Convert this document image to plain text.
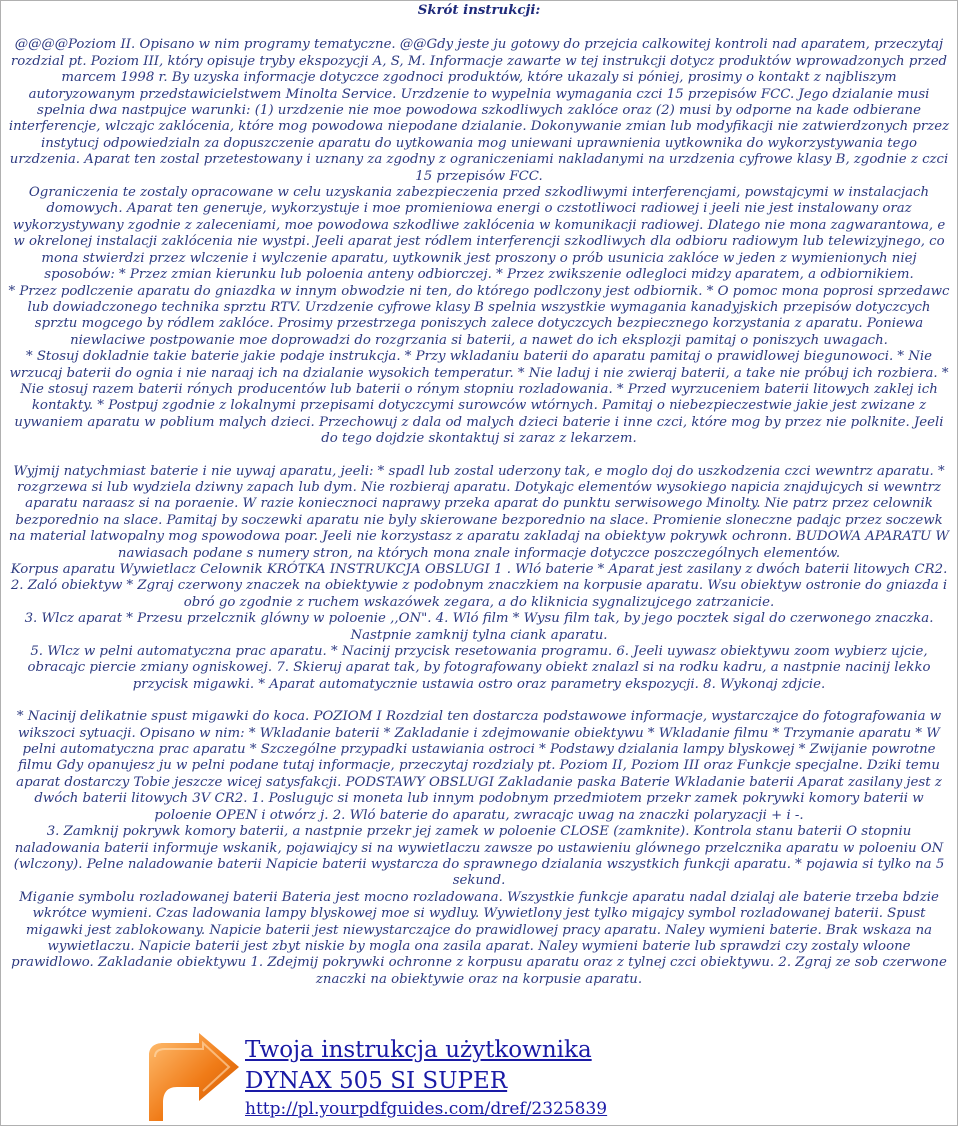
Skrót instrukcji:

@@@@Poziom II. Opisano w nim programy tematyczne. @@Gdy jeste ju gotowy do przejcia calkowitej kontroli nad aparatem, przeczytaj rozdzial pt. Poziom III, który opisuje tryby ekspozycji A, S, M. Informacje zawarte w tej instrukcji dotycz produktów wprowadzonych przed marcem 1998 r. By uzyska informacje dotyczce zgodnoci produktów, które ukazaly si póniej, prosimy o kontakt z najbliszym autoryzowanym przedstawicielstwem Minolta Service. Urzdzenie to wypelnia wymagania czci 15 przepisów FCC. Jego dzialanie musi spelnia dwa nastpujce warunki: (1) urzdzenie nie moe powodowa szkodliwych zaklóce oraz (2) musi by odporne na kade odbierane interferencje, wlczajc zaklócenia, które mog powodowa niepodane dzialanie. Dokonywanie zmian lub modyfikacji nie zatwierdzonych przez instytucj odpowiedzialn za dopuszczenie aparatu do uytkowania mog uniewani uprawnienia uytkownika do wykorzystywania tego urzdzenia. Aparat ten zostal przetestowany i uznany za zgodny z ograniczeniami nakladanymi na urzdzenia cyfrowe klasy B, zgodnie z czci 15 przepisów FCC.

Ograniczenia te zostaly opracowane w celu uzyskania zabezpieczenia przed szkodliwymi interferencjami, powstajcymi w instalacjach domowych. Aparat ten generuje, wykorzystuje i moe promieniowa energi o czstotliwoci radiowej i jeeli nie jest instalowany oraz wykorzystywany zgodnie z zaleceniami, moe powodowa szkodliwe zaklócenia w komunikacji radiowej. Dlatego nie mona zagwarantowa, e w okrelonej instalacji zaklócenia nie wystpi. Jeeli aparat jest ródlem interferencji szkodliwych dla odbioru radiowym lub telewizyjnego, co mona stwierdzi przez wlczenie i wylczenie aparatu, uytkownik jest proszony o prób usunicia zaklóce w jeden z wymienionych niej sposobów: * Przez zmian kierunku lub poloenia anteny odbiorczej. * Przez zwikszenie odlegloci midzy aparatem, a odbiornikiem.

* Przez podlczenie aparatu do gniazdka w innym obwodzie ni ten, do którego podlczony jest odbiornik. * O pomoc mona poprosi sprzedawc lub dowiadczonego technika sprztu RTV. Urzdzenie cyfrowe klasy B spelnia wszystkie wymagania kanadyjskich przepisów dotyczcych sprztu mogcego by ródlem zaklóce. Prosimy przestrzega poniszych zalece dotyczcych bezpiecznego korzystania z aparatu. Poniewa niewlaciwe postpowanie moe doprowadzi do rozgrzania si baterii, a nawet do ich eksplozji pamitaj o poniszych uwagach.

* Stosuj dokladnie takie baterie jakie podaje instrukcja. * Przy wkladaniu baterii do aparatu pamitaj o prawidlowej biegunowoci. * Nie wrzucaj baterii do ognia i nie naraaj ich na dzialanie wysokich temperatur. * Nie laduj i nie zwieraj baterii, a take nie próbuj ich rozbiera. * Nie stosuj razem baterii rónych producentów lub baterii o rónym stopniu rozladowania. * Przed wyrzuceniem baterii litowych zaklej ich kontakty. * Postpuj zgodnie z lokalnymi przepisami dotyczcymi surowców wtórnych. Pamitaj o niebezpieczestwie jakie jest zwizane z uywaniem aparatu w poblium malych dzieci. Przechowuj z dala od malych dzieci baterie i inne czci, które mog by przez nie polknite. Jeeli do tego dojdzie skontaktuj si zaraz z lekarzem.

Wyjmij natychmiast baterie i nie uywaj aparatu, jeeli: * spadl lub zostal uderzony tak, e moglo doj do uszkodzenia czci wewntrz aparatu. * rozgrzewa si lub wydziela dziwny zapach lub dym. Nie rozbieraj aparatu. Dotykajc elementów wysokiego napicia znajdujcych si wewntrz aparatu naraasz si na poraenie. W razie koniecznoci naprawy przeka aparat do punktu serwisowego Minolty. Nie patrz przez celownik bezporednio na slace. Pamitaj by soczewki aparatu nie byly skierowane bezporednio na slace. Promienie sloneczne padajc przez soczewk na material latwopalny mog spowodowa poar. Jeeli nie korzystasz z aparatu zakladaj na obiektyw pokrywk ochronn. BUDOWA APARATU W nawiasach podane s numery stron, na których mona znale informacje dotyczce poszczególnych elementów.

Korpus aparatu Wywietlacz Celownik KRÓTKA INSTRUKCJA OBSLUGI 1 . Wló baterie * Aparat jest zasilany z dwóch baterii litowych CR2. 2. Zaló obiektyw * Zgraj czerwony znaczek na obiektywie z podobnym znaczkiem na korpusie aparatu. Wsu obiektyw ostronie do gniazda i obró go zgodnie z ruchem wskazówek zegara, a do kliknicia sygnalizujcego zatrzanicie.

3. Wlcz aparat * Przesu przelcznik glówny w poloenie ,,ON". 4. Wló film * Wysu film tak, by jego pocztek sigal do czerwonego znaczka. Nastpnie zamknij tylna ciank aparatu.

5. Wlcz w pelni automatyczna prac aparatu. * Nacinij przycisk resetowania programu. 6. Jeeli uywasz obiektywu zoom wybierz ujcie, obracajc piercie zmiany ogniskowej. 7. Skieruj aparat tak, by fotografowany obiekt znalazl si na rodku kadru, a nastpnie nacinij lekko przycisk migawki. * Aparat automatycznie ustawia ostro oraz parametry ekspozycji. 8. Wykonaj zdjcie.

* Nacinij delikatnie spust migawki do koca. POZIOM I Rozdzial ten dostarcza podstawowe informacje, wystarczajce do fotografowania w wikszoci sytuacji. Opisano w nim: * Wkladanie baterii * Zakladanie i zdejmowanie obiektywu * Wkladanie filmu * Trzymanie aparatu * W pelni automatyczna prac aparatu * Szczególne przypadki ustawiania ostroci * Podstawy dzialania lampy blyskowej * Zwijanie powrotne filmu Gdy opanujesz ju w pelni podane tutaj informacje, przeczytaj rozdzialy pt. Poziom II, Poziom III oraz Funkcje specjalne. Dziki temu aparat dostarczy Tobie jeszcze wicej satysfakcji. PODSTAWY OBSLUGI Zakladanie paska Baterie Wkladanie baterii Aparat zasilany jest z dwóch baterii litowych 3V CR2. 1. Poslugujc si moneta lub innym podobnym przedmiotem przekr zamek pokrywki komory baterii w poloenie OPEN i otwórz j. 2. Wló baterie do aparatu, zwracajc uwag na znaczki polaryzacji + i -.

3. Zamknij pokrywk komory baterii, a nastpnie przekr jej zamek w poloenie CLOSE (zamknite). Kontrola stanu baterii O stopniu naladowania baterii informuje wskanik, pojawiajcy si na wywietlaczu zawsze po ustawieniu glównego przelcznika aparatu w poloeniu ON (wlczony). Pelne naladowanie baterii Napicie baterii wystarcza do sprawnego dzialania wszystkich funkcji aparatu. * pojawia si tylko na 5 sekund.

Miganie symbolu rozladowanej baterii Bateria jest mocno rozladowana. Wszystkie funkcje aparatu nadal dzialaj ale baterie trzeba bdzie wkrótce wymieni. Czas ladowania lampy blyskowej moe si wydluy. Wywietlony jest tylko migajcy symbol rozladowanej baterii. Spust migawki jest zablokowany. Napicie baterii jest niewystarczajce do prawidlowej pracy aparatu. Naley wymieni baterie. Brak wskaza na wywietlaczu. Napicie baterii jest zbyt niskie by mogla ona zasila aparat. Naley wymieni baterie lub sprawdzi czy zostaly wloone prawidlowo. Zakladanie obiektywu 1. Zdejmij pokrywki ochronne z korpusu aparatu oraz z tylnej czci obiektywu. 2. Zgraj ze sob czerwone znaczki na obiektywie oraz na korpusie aparatu.

Twoja instrukcja użytkownika
DYNAX 505 SI SUPER
http://pl.yourpdfguides.com/dref/2325839
